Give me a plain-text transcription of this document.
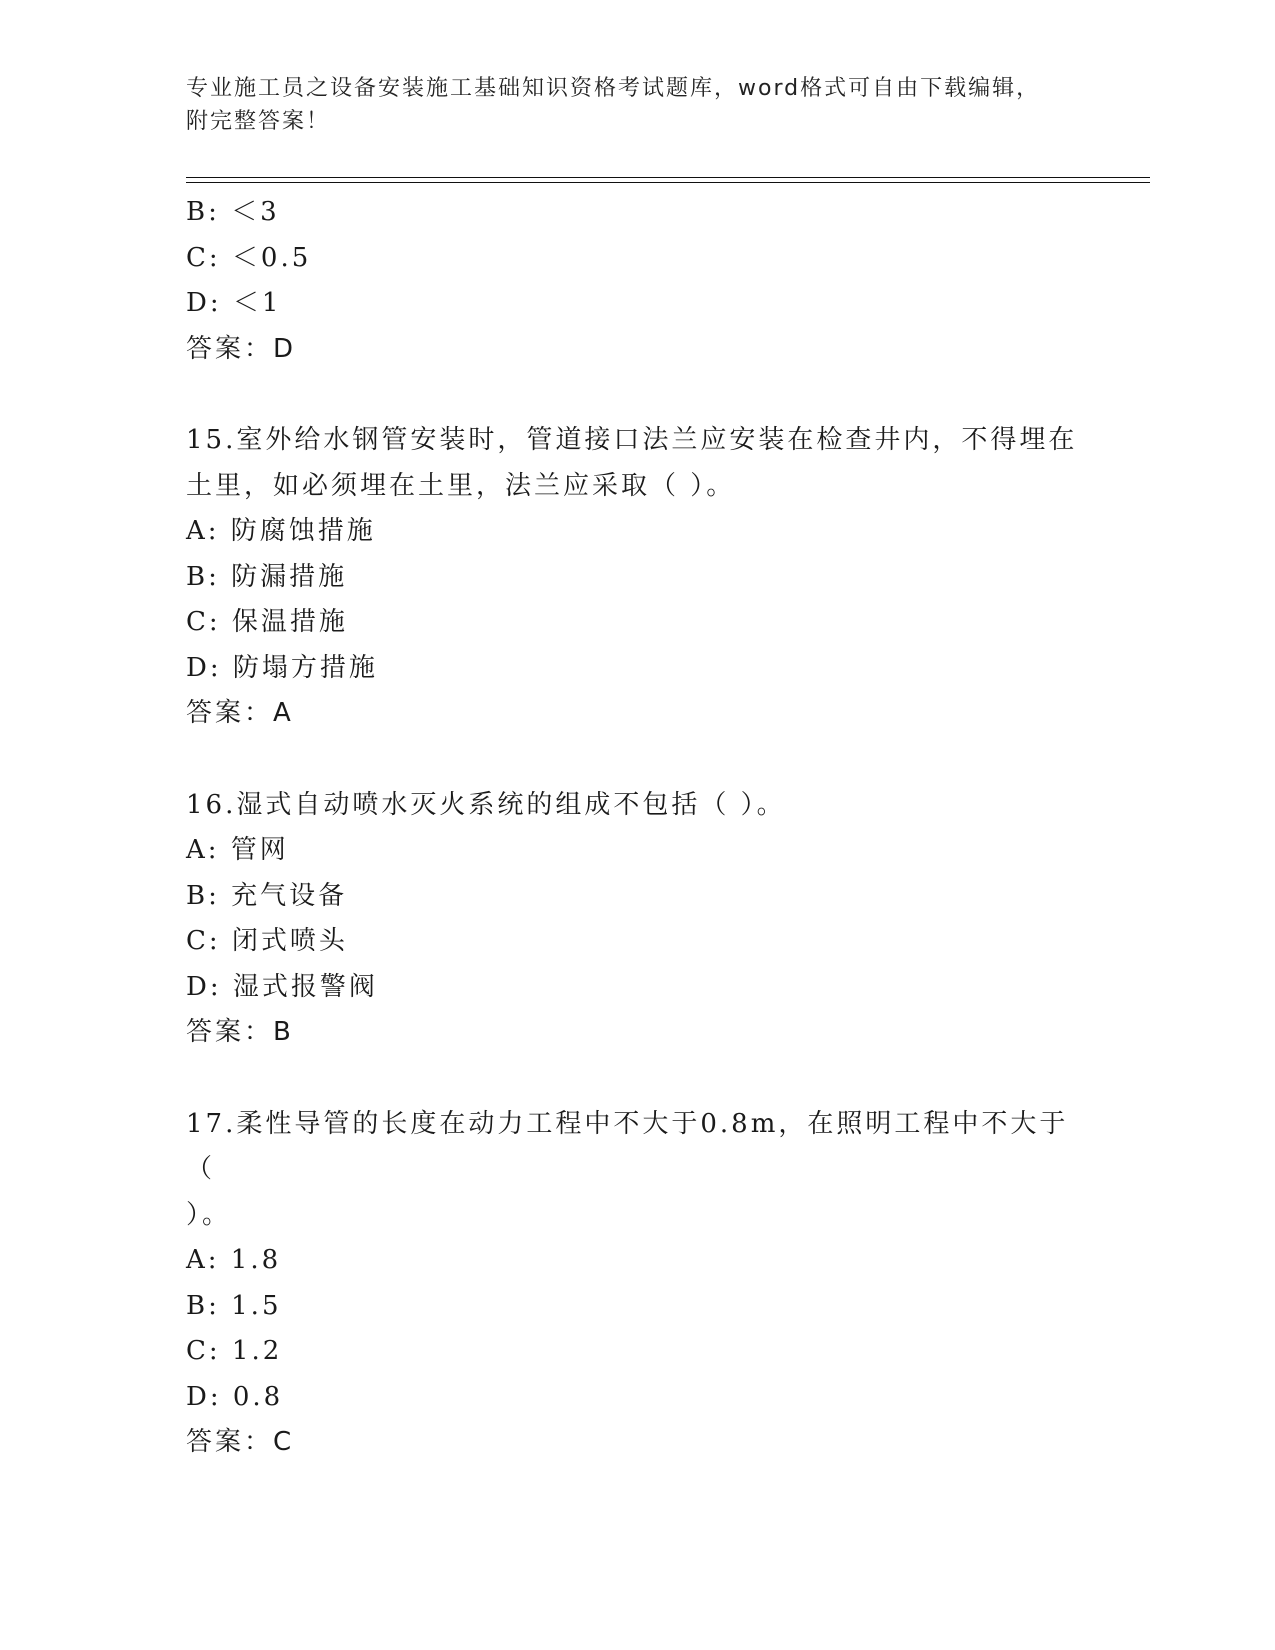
专业施工员之设备安装施工基础知识资格考试题库，word格式可自由下载编辑，
附完整答案！
B: ＜3
C: ＜0.5
D: ＜1
答案：D
15.室外给水钢管安装时，管道接口法兰应安装在检查井内，不得埋在
土里，如必须埋在土里，法兰应采取（ ）。
A: 防腐蚀措施
B: 防漏措施
C: 保温措施
D: 防塌方措施
答案：A
16.湿式自动喷水灭火系统的组成不包括（ ）。
A: 管网
B: 充气设备
C: 闭式喷头
D: 湿式报警阀
答案：B
17.柔性导管的长度在动力工程中不大于0.8m，在照明工程中不大于（
）。
A: 1.8
B: 1.5
C: 1.2
D: 0.8
答案：C
